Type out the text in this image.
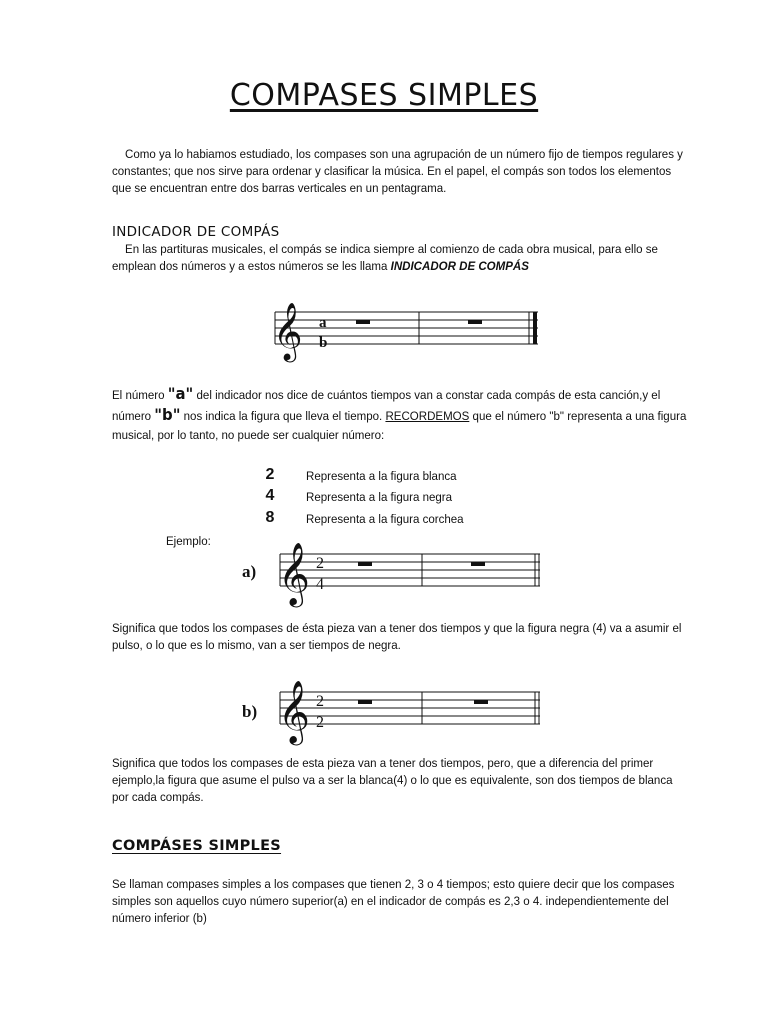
COMPASES SIMPLES
Como ya lo habiamos estudiado, los compases son una agrupación de un número fijo de tiempos regulares y constantes; que nos sirve para ordenar y clasificar la música. En el papel, el compás son todos los elementos que se encuentran entre dos barras verticales en un pentagrama.
INDICADOR DE COMPÁS
En las partituras musicales, el compás se indica siempre al comienzo de cada obra musical, para ello se emplean dos números y a estos números se les llama INDICADOR DE COMPÁS
𝄞 a
b
El número "a" del indicador nos dice de cuántos tiempos van a constar cada compás de esta canción,y el número "b" nos indica la figura que lleva el tiempo. RECORDEMOS que el número "b" representa a una figura musical, por lo tanto, no puede ser cualquier número:
2	Representa a la figura blanca
4	Representa a la figura negra
8	Representa a la figura corchea
Ejemplo:
a) 𝄞 2
4
Significa que todos los compases de ésta pieza van a tener dos tiempos y que la figura negra (4) va a asumir el pulso, o lo que es lo mismo, van a ser tiempos de negra.
b) 𝄞 2
2
Significa que todos los compases de esta pieza van a tener dos tiempos, pero, que a diferencia del primer ejemplo,la figura que asume el pulso va a ser la blanca(4) o lo que es equivalente, son dos tiempos de blanca por cada compás.
COMPÁSES SIMPLES
Se llaman compases simples a los compases que tienen 2, 3 o 4 tiempos; esto quiere decir que los compases simples son aquellos cuyo número superior(a) en el indicador de compás es 2,3 o 4. independientemente del número inferior (b)
